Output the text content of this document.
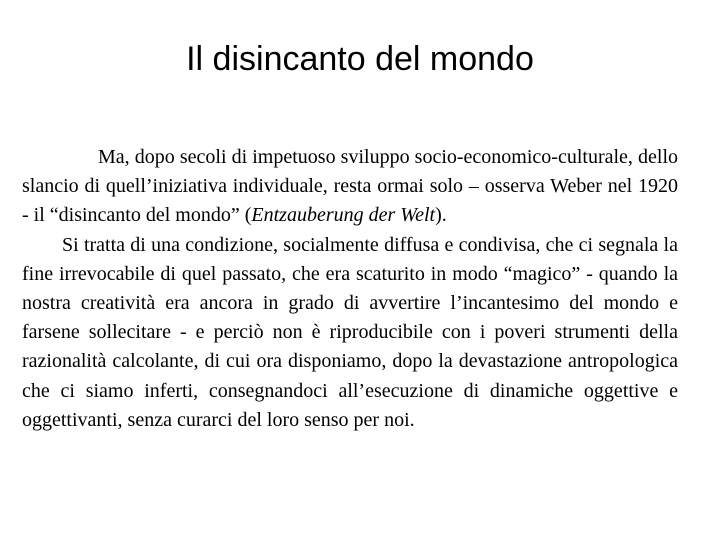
Il disincanto del mondo

Ma, dopo secoli di impetuoso sviluppo socio-economico-culturale, dello slancio di quell’iniziativa individuale, resta ormai solo – osserva Weber nel 1920 - il “disincanto del mondo” (Entzauberung der Welt).

Si tratta di una condizione, socialmente diffusa e condivisa, che ci segnala la fine irrevocabile di quel passato, che era scaturito in modo “magico” - quando la nostra creatività era ancora in grado di avvertire l’incantesimo del mondo e farsene sollecitare - e perciò non è riproducibile con i poveri strumenti della razionalità calcolante, di cui ora disponiamo, dopo la devastazione antropologica che ci siamo inferti, consegnandoci all’esecuzione di dinamiche oggettive e oggettivanti, senza curarci del loro senso per noi.
